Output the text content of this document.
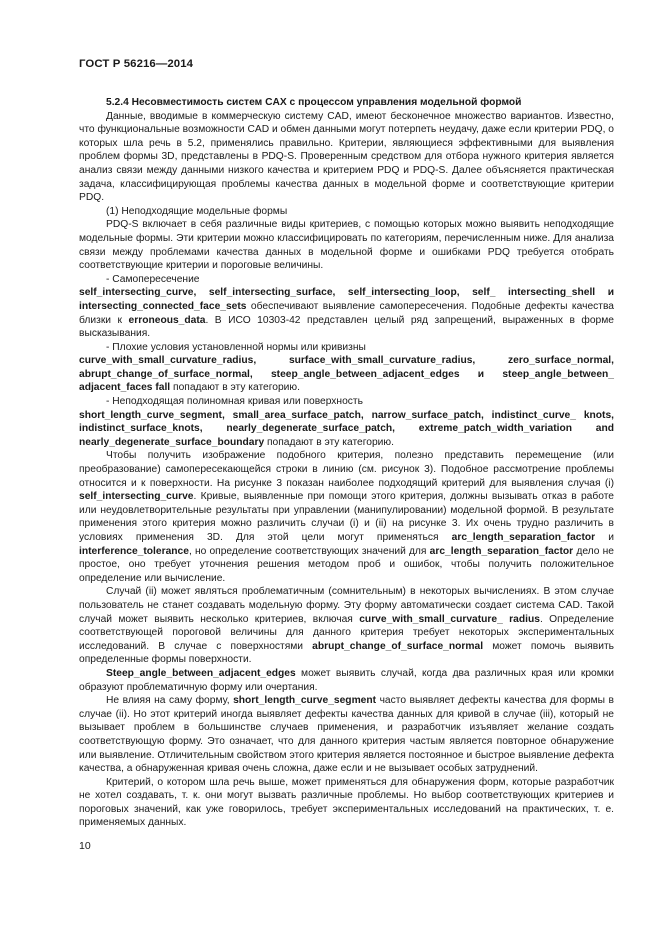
ГОСТ Р 56216—2014

5.2.4 Несовместимость систем CAX с процессом управления модельной формой

Данные, вводимые в коммерческую систему CAD, имеют бесконечное множество вариантов. Известно, что функциональные возможности CAD и обмен данными могут потерпеть неудачу, даже если критерии PDQ, о которых шла речь в 5.2, применялись правильно. Критерии, являющиеся эффективными для выявления проблем формы 3D, представлены в PDQ-S. Проверенным средством для отбора нужного критерия является анализ связи между данными низкого качества и критерием PDQ и PDQ-S. Далее объясняется практическая задача, классифицирующая проблемы качества данных в модельной форме и соответствующие критерии PDQ.

(1) Неподходящие модельные формы

PDQ-S включает в себя различные виды критериев, с помощью которых можно выявить неподходящие модельные формы. Эти критерии можно классифицировать по категориям, перечисленным ниже. Для анализа связи между проблемами качества данных в модельной форме и ошибками PDQ требуется отобрать соответствующие критерии и пороговые величины.

- Самопересечение

self_intersecting_curve, self_intersecting_surface, self_intersecting_loop, self_ intersecting_shell и intersecting_connected_face_sets обеспечивают выявление самопересечения. Подобные дефекты качества близки к erroneous_data. В ИСО 10303-42 представлен целый ряд запрещений, выраженных в форме высказывания.

- Плохие условия установленной нормы или кривизны

curve_with_small_curvature_radius, surface_with_small_curvature_radius, zero_surface_normal, abrupt_change_of_surface_normal, steep_angle_between_adjacent_edges и steep_angle_between_ adjacent_faces fall попадают в эту категорию.

- Неподходящая полиномная кривая или поверхность

short_length_curve_segment, small_area_surface_patch, narrow_surface_patch, indistinct_curve_ knots, indistinct_surface_knots, nearly_degenerate_surface_patch, extreme_patch_width_variation and nearly_degenerate_surface_boundary попадают в эту категорию.

Чтобы получить изображение подобного критерия, полезно представить перемещение (или преобразование) самопересекающейся строки в линию (см. рисунок 3). Подобное рассмотрение проблемы относится и к поверхности. На рисунке 3 показан наиболее подходящий критерий для выявления случая (i) self_intersecting_curve. Кривые, выявленные при помощи этого критерия, должны вызывать отказ в работе или неудовлетворительные результаты при управлении (манипулировании) модельной формой. В результате применения этого критерия можно различить случаи (i) и (ii) на рисунке 3. Их очень трудно различить в условиях применения 3D. Для этой цели могут применяться arc_length_separation_factor и interference_tolerance, но определение соответствующих значений для arc_length_separation_factor дело не простое, оно требует уточнения решения методом проб и ошибок, чтобы получить положительное определение или вычисление.

Случай (ii) может являться проблематичным (сомнительным) в некоторых вычислениях. В этом случае пользователь не станет создавать модельную форму. Эту форму автоматически создает система CAD. Такой случай может выявить несколько критериев, включая curve_with_small_curvature_ radius. Определение соответствующей пороговой величины для данного критерия требует некоторых экспериментальных исследований. В случае с поверхностями abrupt_change_of_surface_normal может помочь выявить определенные формы поверхности.

Steep_angle_between_adjacent_edges может выявить случай, когда два различных края или кромки образуют проблематичную форму или очертания.

Не влияя на саму форму, short_length_curve_segment часто выявляет дефекты качества для формы в случае (ii). Но этот критерий иногда выявляет дефекты качества данных для кривой в случае (iii), который не вызывает проблем в большинстве случаев применения, и разработчик изъявляет желание создать соответствующую форму. Это означает, что для данного критерия частым является повторное обнаружение или выявление. Отличительным свойством этого критерия является постоянное и быстрое выявление дефекта качества, а обнаруженная кривая очень сложна, даже если и не вызывает особых затруднений.

Критерий, о котором шла речь выше, может применяться для обнаружения форм, которые разработчик не хотел создавать, т. к. они могут вызвать различные проблемы. Но выбор соответствующих критериев и пороговых значений, как уже говорилось, требует экспериментальных исследований на практических, т. е. применяемых данных.

10
